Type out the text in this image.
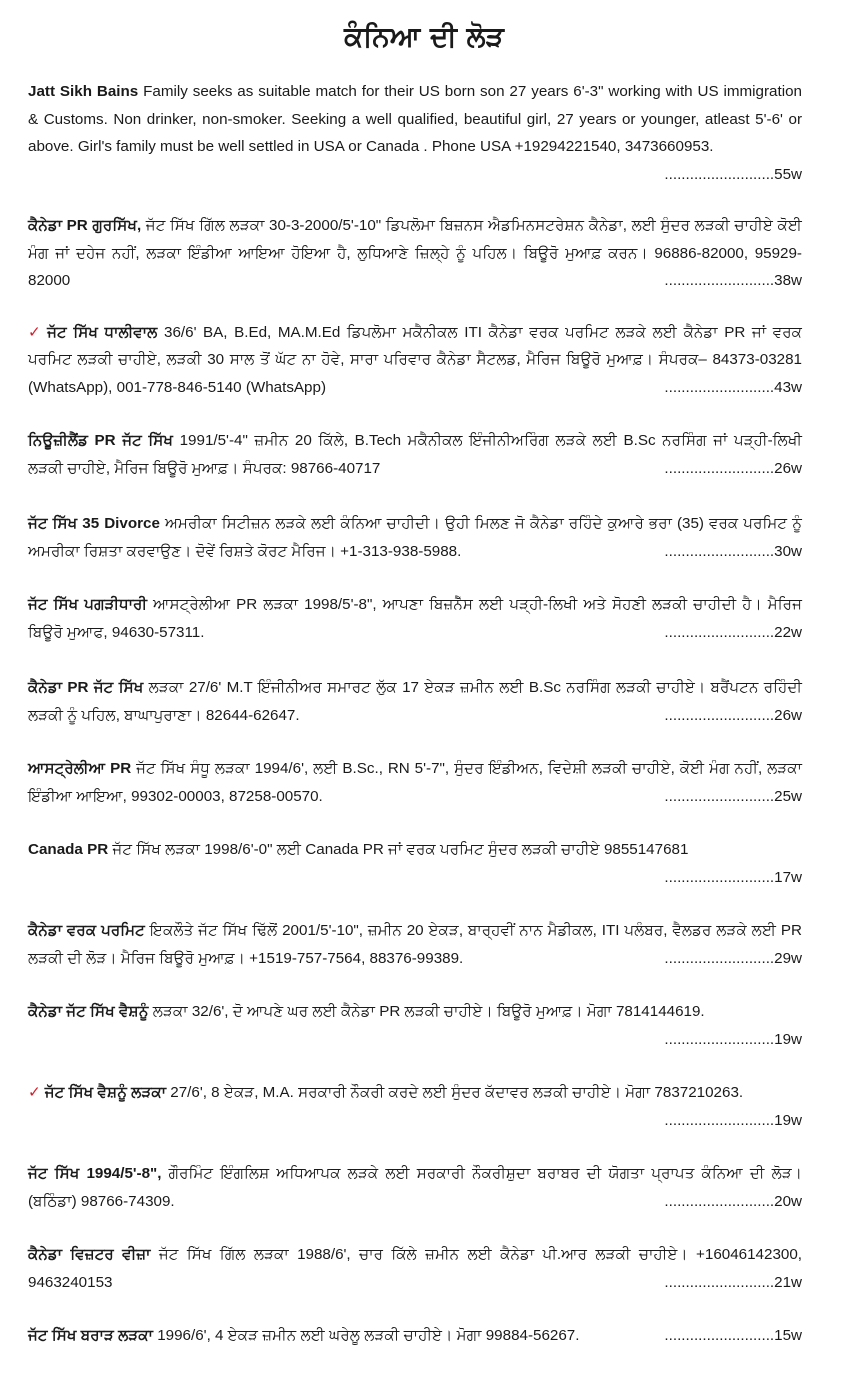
ਕੰਨਿਆ ਦੀ ਲੋੜ
Jatt Sikh Bains Family seeks as suitable match for their US born son 27 years 6'-3" working with US immigration & Customs. Non drinker, non-smoker. Seeking a well qualified, beautiful girl, 27 years or younger, atleast 5'-6' or above. Girl's family must be well settled in USA or Canada . Phone USA +19294221540, 3473660953.
..........................55w
ਕੈਨੇਡਾ PR ਗੁਰਸਿੱਖ, ਜੱਟ ਸਿੱਖ ਗਿੱਲ ਲੜਕਾ 30-3-2000/5'-10" ਡਿਪਲੋਮਾ ਬਿਜ਼ਨਸ ਐਡਮਿਨਸਟਰੇਸ਼ਨ ਕੈਨੇਡਾ, ਲਈ ਸੁੰਦਰ ਲੜਕੀ ਚਾਹੀਏ ਕੋਈ ਮੰਗ ਜਾਂ ਦਹੇਜ ਨਹੀਂ, ਲੜਕਾ ਇੰਡੀਆ ਆਇਆ ਹੋਇਆ ਹੈ, ਲੁਧਿਆਣੇ ਜ਼ਿਲ੍ਹੇ ਨੂੰ ਪਹਿਲ। ਬਿਊਰੋ ਮੁਆਫ਼ ਕਰਨ। 96886-82000, 95929-82000	..........................38w
✓ ਜੱਟ ਸਿੱਖ ਧਾਲੀਵਾਲ 36/6' BA, B.Ed, MA.M.Ed ਡਿਪਲੋਮਾ ਮਕੈਨੀਕਲ ITI ਕੈਨੇਡਾ ਵਰਕ ਪਰਮਿਟ ਲੜਕੇ ਲਈ ਕੈਨੇਡਾ PR ਜਾਂ ਵਰਕ ਪਰਮਿਟ ਲੜਕੀ ਚਾਹੀਏ, ਲੜਕੀ 30 ਸਾਲ ਤੋਂ ਘੱਟ ਨਾ ਹੋਵੇ, ਸਾਰਾ ਪਰਿਵਾਰ ਕੈਨੇਡਾ ਸੈਟਲਡ, ਮੈਰਿਜ ਬਿਊਰੋ ਮੁਆਫ਼। ਸੰਪਰਕ– 84373-03281 (WhatsApp), 001-778-846-5140 (WhatsApp)	..........................43w
ਨਿਊਜ਼ੀਲੈਂਡ PR ਜੱਟ ਸਿੱਖ 1991/5'-4" ਜ਼ਮੀਨ 20 ਕਿੱਲੇ, B.Tech ਮਕੈਨੀਕਲ ਇੰਜੀਨੀਅਰਿੰਗ ਲੜਕੇ ਲਈ B.Sc ਨਰਸਿੰਗ ਜਾਂ ਪੜ੍ਹੀ-ਲਿਖੀ ਲੜਕੀ ਚਾਹੀਏ, ਮੈਰਿਜ ਬਿਊਰੋ ਮੁਆਫ਼। ਸੰਪਰਕ: 98766-40717	..........................26w
ਜੱਟ ਸਿੱਖ 35 Divorce ਅਮਰੀਕਾ ਸਿਟੀਜ਼ਨ ਲੜਕੇ ਲਈ ਕੰਨਿਆ ਚਾਹੀਦੀ। ਉਹੀ ਮਿਲਣ ਜੋ ਕੈਨੇਡਾ ਰਹਿੰਦੇ ਕੁਆਰੇ ਭਰਾ (35) ਵਰਕ ਪਰਮਿਟ ਨੂੰ ਅਮਰੀਕਾ ਰਿਸ਼ਤਾ ਕਰਵਾਉਣ। ਦੋਵੇਂ ਰਿਸ਼ਤੇ ਕੋਰਟ ਮੈਰਿਜ। +1-313-938-5988.	..........................30w
ਜੱਟ ਸਿੱਖ ਪਗੜੀਧਾਰੀ ਆਸਟ੍ਰੇਲੀਆ PR ਲੜਕਾ 1998/5'-8", ਆਪਣਾ ਬਿਜ਼ਨੈੱਸ ਲਈ ਪੜ੍ਹੀ-ਲਿਖੀ ਅਤੇ ਸੋਹਣੀ ਲੜਕੀ ਚਾਹੀਦੀ ਹੈ। ਮੈਰਿਜ ਬਿਊਰੋ ਮੁਆਫ, 94630-57311.	..........................22w
ਕੈਨੇਡਾ PR ਜੱਟ ਸਿੱਖ ਲੜਕਾ 27/6' M.T ਇੰਜੀਨੀਅਰ ਸਮਾਰਟ ਲੁੱਕ 17 ਏਕੜ ਜ਼ਮੀਨ ਲਈ B.Sc ਨਰਸਿੰਗ ਲੜਕੀ ਚਾਹੀਏ। ਬਰੈਂਪਟਨ ਰਹਿੰਦੀ ਲੜਕੀ ਨੂੰ ਪਹਿਲ, ਬਾਘਾਪੁਰਾਣਾ। 82644-62647.	..........................26w
ਆਸਟ੍ਰੇਲੀਆ PR ਜੱਟ ਸਿੱਖ ਸੰਧੂ ਲੜਕਾ 1994/6', ਲਈ B.Sc., RN 5'-7", ਸੁੰਦਰ ਇੰਡੀਅਨ, ਵਿਦੇਸ਼ੀ ਲੜਕੀ ਚਾਹੀਏ, ਕੋਈ ਮੰਗ ਨਹੀਂ, ਲੜਕਾ ਇੰਡੀਆ ਆਇਆ, 99302-00003, 87258-00570.	..........................25w
Canada PR ਜੱਟ ਸਿੱਖ ਲੜਕਾ 1998/6'-0" ਲਈ Canada PR ਜਾਂ ਵਰਕ ਪਰਮਿਟ ਸੁੰਦਰ ਲੜਕੀ ਚਾਹੀਏ 9855147681
..........................17w
ਕੈਨੇਡਾ ਵਰਕ ਪਰਮਿਟ ਇਕਲੌਤੇ ਜੱਟ ਸਿੱਖ ਢਿੱਲੋਂ 2001/5'-10", ਜ਼ਮੀਨ 20 ਏਕੜ, ਬਾਰ੍ਹਵੀਂ ਨਾਨ ਮੈਡੀਕਲ, ITI ਪਲੰਬਰ, ਵੈਲਡਰ ਲੜਕੇ ਲਈ PR ਲੜਕੀ ਦੀ ਲੋੜ। ਮੈਰਿਜ ਬਿਊਰੋ ਮੁਆਫ਼। +1519-757-7564, 88376-99389.	..........................29w
ਕੈਨੇਡਾ ਜੱਟ ਸਿੱਖ ਵੈਸ਼ਨੂੰ ਲੜਕਾ 32/6', ਦੋ ਆਪਣੇ ਘਰ ਲਈ ਕੈਨੇਡਾ PR ਲੜਕੀ ਚਾਹੀਏ। ਬਿਊਰੋ ਮੁਆਫ਼। ਮੋਗਾ 7814144619.
..........................19w
✓ ਜੱਟ ਸਿੱਖ ਵੈਸ਼ਨੂੰ ਲੜਕਾ 27/6', 8 ਏਕੜ, M.A. ਸਰਕਾਰੀ ਨੌਕਰੀ ਕਰਦੇ ਲਈ ਸੁੰਦਰ ਕੱਦਾਵਰ ਲੜਕੀ ਚਾਹੀਏ। ਮੋਗਾ 7837210263.
..........................19w
ਜੱਟ ਸਿੱਖ 1994/5'-8", ਗੌਰਮਿੰਟ ਇੰਗਲਿਸ਼ ਅਧਿਆਪਕ ਲੜਕੇ ਲਈ ਸਰਕਾਰੀ ਨੌਕਰੀਸ਼ੁਦਾ ਬਰਾਬਰ ਦੀ ਯੋਗਤਾ ਪ੍ਰਾਪਤ ਕੰਨਿਆ ਦੀ ਲੋੜ। (ਬਠਿੰਡਾ) 98766-74309.	..........................20w
ਕੈਨੇਡਾ ਵਿਜ਼ਟਰ ਵੀਜ਼ਾ ਜੱਟ ਸਿੱਖ ਗਿੱਲ ਲੜਕਾ 1988/6', ਚਾਰ ਕਿੱਲੇ ਜ਼ਮੀਨ ਲਈ ਕੈਨੇਡਾ ਪੀ.ਆਰ ਲੜਕੀ ਚਾਹੀਏ। +16046142300, 9463240153	..........................21w
ਜੱਟ ਸਿੱਖ ਬਰਾੜ ਲੜਕਾ 1996/6', 4 ਏਕੜ ਜ਼ਮੀਨ ਲਈ ਘਰੇਲੂ ਲੜਕੀ ਚਾਹੀਏ। ਮੋਗਾ 99884-56267.	..........................15w
